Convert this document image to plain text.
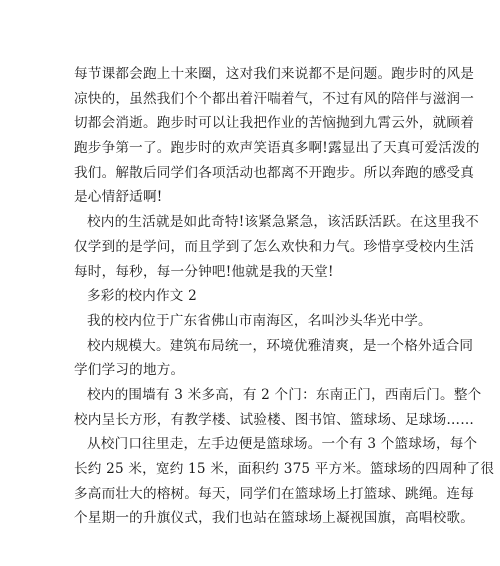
每节课都会跑上十来圈，这对我们来说都不是问题。跑步时的风是
凉快的，虽然我们个个都出着汗喘着气，不过有风的陪伴与滋润一
切都会消逝。跑步时可以让我把作业的苦恼抛到九霄云外，就顾着
跑步争第一了。跑步时的欢声笑语真多啊!露显出了天真可爱活泼的
我们。解散后同学们各项活动也都离不开跑步。所以奔跑的感受真
是心情舒适啊!
校内的生活就是如此奇特!该紧急紧急，该活跃活跃。在这里我不
仅学到的是学问，而且学到了怎么欢快和力气。珍惜享受校内生活
每时，每秒，每一分钟吧!他就是我的天堂!
多彩的校内作文 2
我的校内位于广东省佛山市南海区，名叫沙头华光中学。
校内规模大。建筑布局统一，环境优雅清爽，是一个格外适合同
学们学习的地方。
校内的围墙有 3 米多高，有 2 个门：东南正门，西南后门。整个
校内呈长方形，有教学楼、试验楼、图书馆、篮球场、足球场……
从校门口往里走，左手边便是篮球场。一个有 3 个篮球场，每个
长约 25 米，宽约 15 米，面积约 375 平方米。篮球场的四周种了很
多高而壮大的榕树。每天，同学们在篮球场上打篮球、跳绳。连每
个星期一的升旗仪式，我们也站在篮球场上凝视国旗，高唱校歌。
